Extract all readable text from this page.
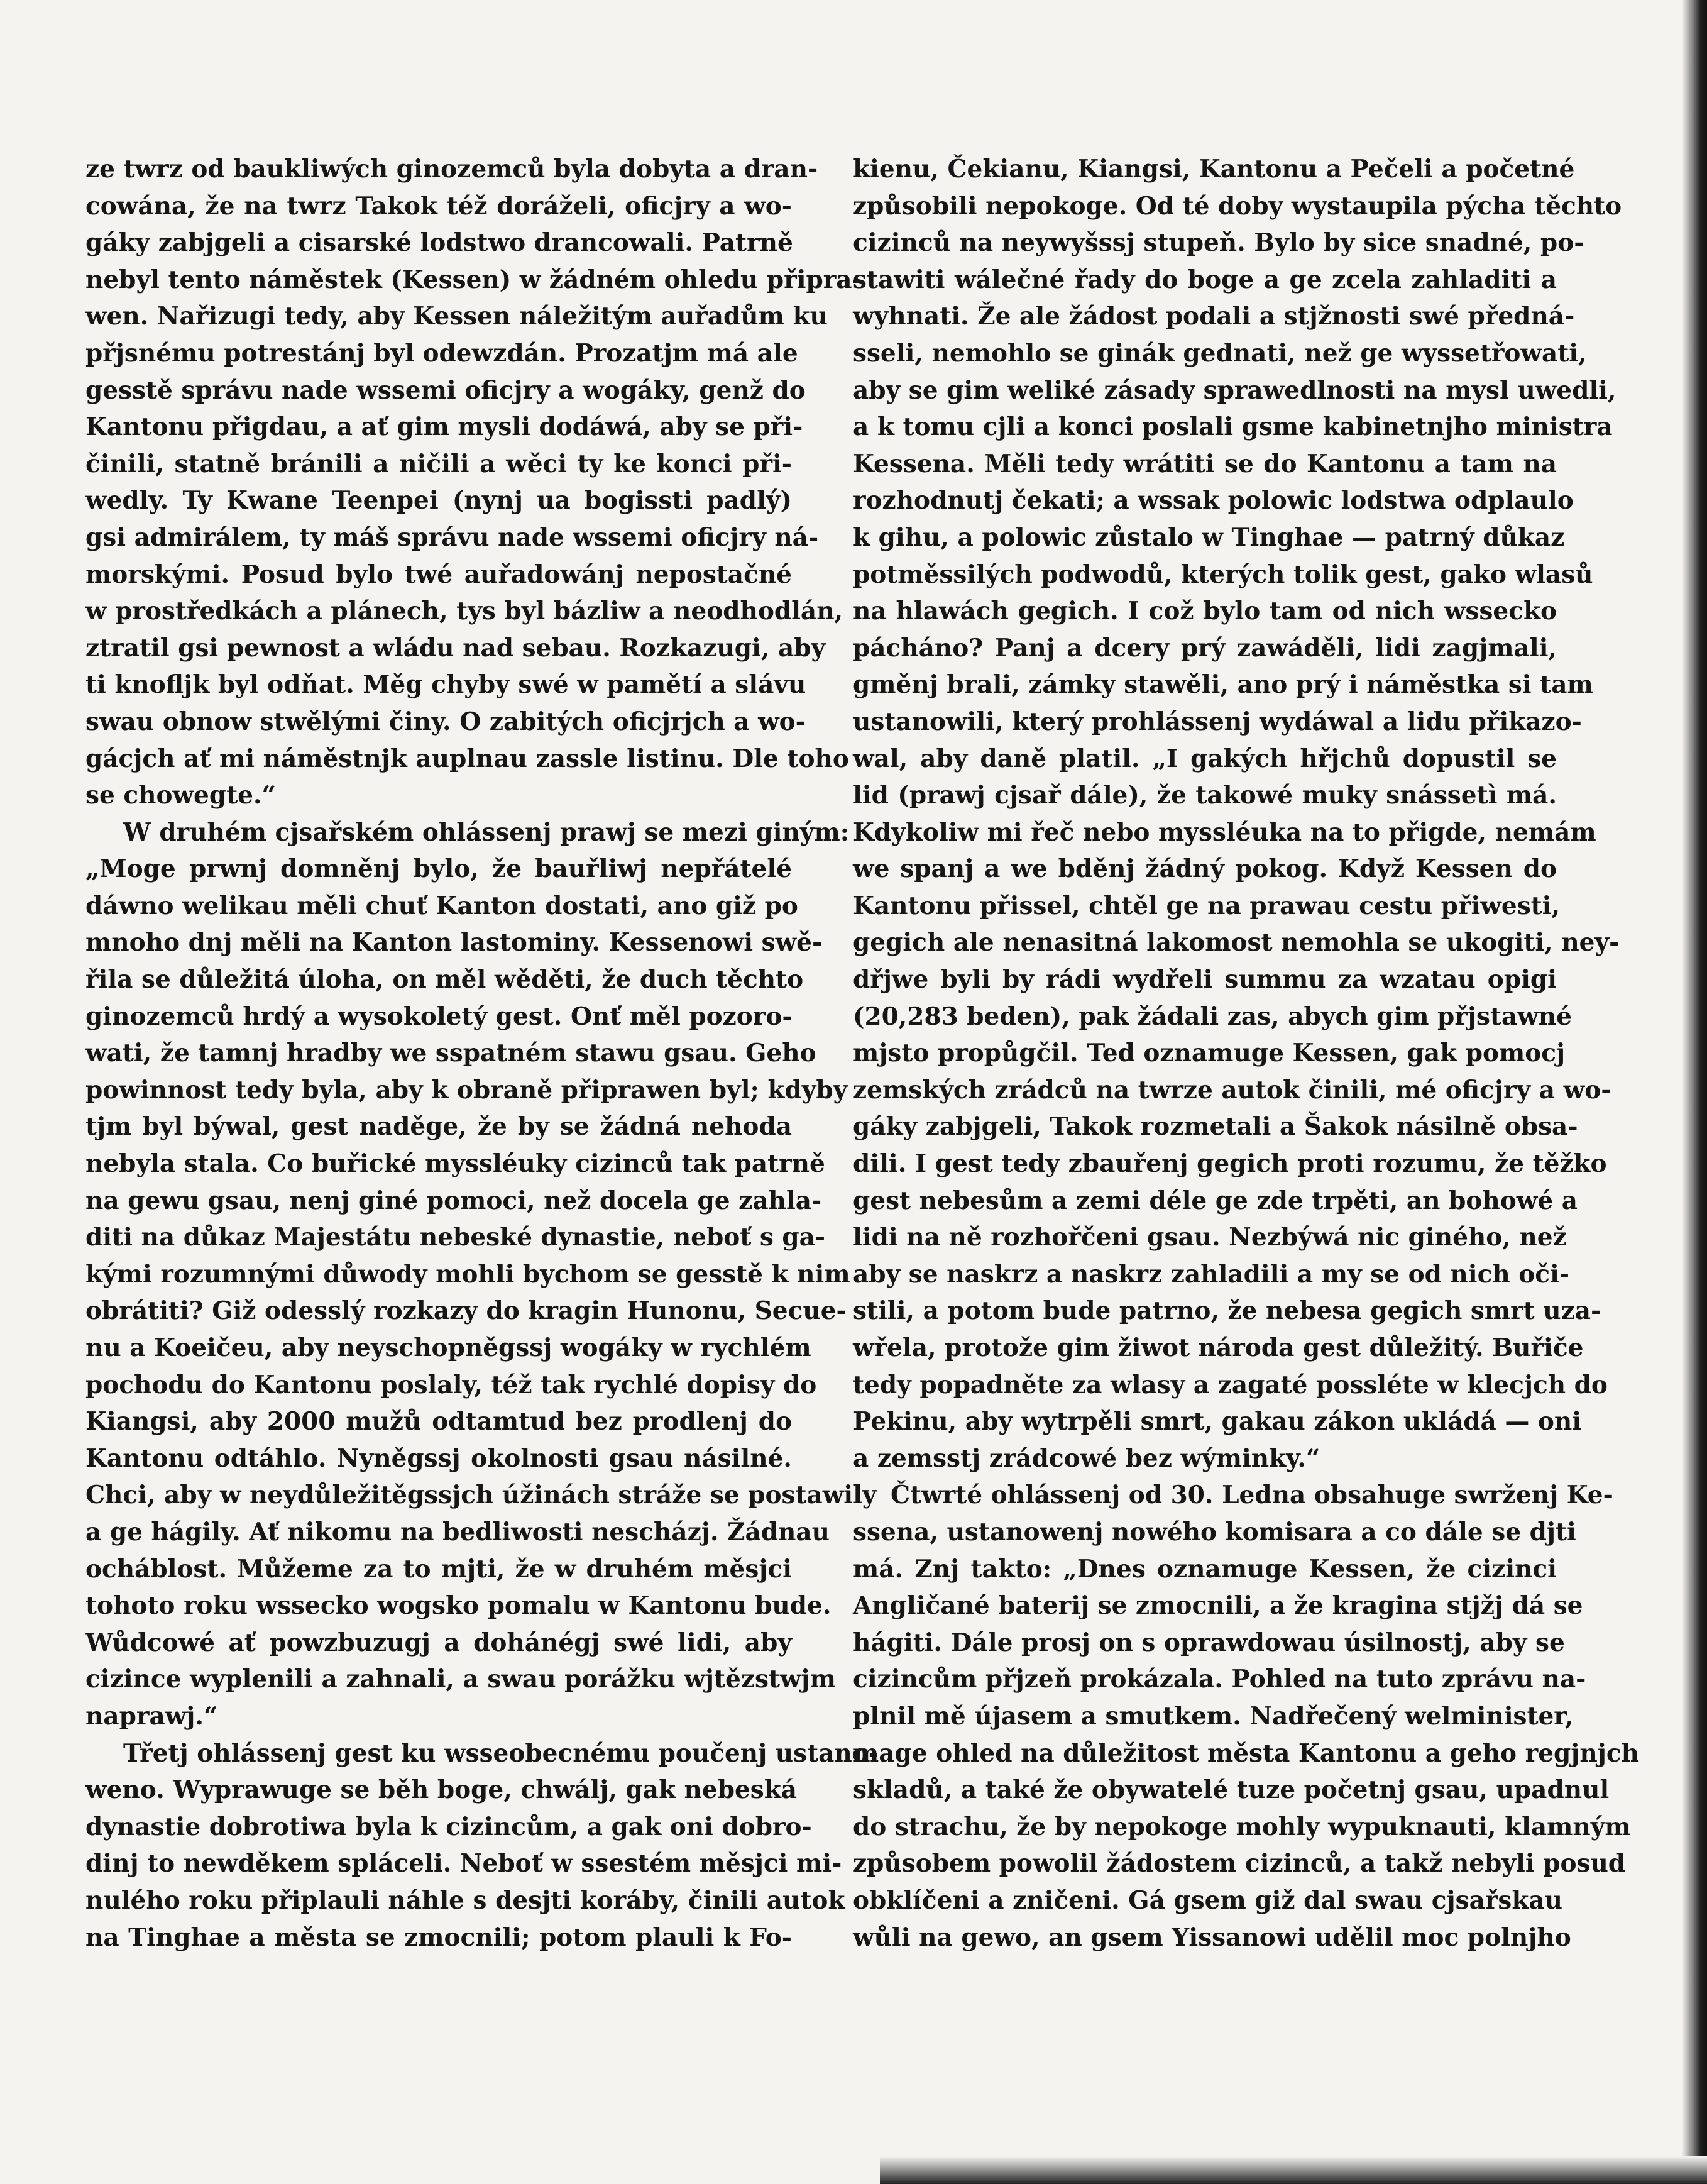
ze twrz od baukliwých ginozemců byla dobyta a dran-
cowána, že na twrz Takok též doráželi, oficjry a wo-
gáky zabjgeli a cisarské lodstwo drancowali. Patrně
nebyl tento náměstek (Kessen) w žádném ohledu připra-
wen. Nařizugi tedy, aby Kessen náležitým auřadům ku
přjsnému potrestánj byl odewzdán. Prozatjm má ale
gesstě správu nade wssemi oficjry a wogáky, genž do
Kantonu přigdau, a ať gim mysli dodáwá, aby se při-
činili, statně bránili a ničili a wěci ty ke konci při-
wedly. Ty Kwane Teenpei (nynj ua bogissti padlý)
gsi admirálem, ty máš správu nade wssemi oficjry ná-
morskými. Posud bylo twé auřadowánj nepostačné
w prostředkách a plánech, tys byl bázliw a neodhodlán,
ztratil gsi pewnost a wládu nad sebau. Rozkazugi, aby
ti knofljk byl odňat. Měg chyby swé w pamětí a slávu
swau obnow stwělými činy. O zabitých oficjrjch a wo-
gácjch ať mi náměstnjk auplnau zassle listinu. Dle toho
se chowegte.“
W druhém cjsařském ohlássenj prawj se mezi giným:
„Moge prwnj domněnj bylo, že bauřliwj nepřátelé
dáwno welikau měli chuť Kanton dostati, ano giž po
mnoho dnj měli na Kanton lastominy. Kessenowi swě-
řila se důležitá úloha, on měl wěděti, že duch těchto
ginozemců hrdý a wysokoletý gest. Onť měl pozoro-
wati, že tamnj hradby we sspatném stawu gsau. Geho
powinnost tedy byla, aby k obraně připrawen byl; kdyby
tjm byl býwal, gest naděge, že by se žádná nehoda
nebyla stala. Co buřické myssléuky cizinců tak patrně
na gewu gsau, nenj giné pomoci, než docela ge zahla-
diti na důkaz Majestátu nebeské dynastie, neboť s ga-
kými rozumnými důwody mohli bychom se gesstě k nim
obrátiti? Giž odesslý rozkazy do kragin Hunonu, Secue-
nu a Koeičeu, aby neyschopněgssj wogáky w rychlém
pochodu do Kantonu poslaly, též tak rychlé dopisy do
Kiangsi, aby 2000 mužů odtamtud bez prodlenj do
Kantonu odtáhlo. Nyněgssj okolnosti gsau násilné.
Chci, aby w neydůležitěgssjch úžinách stráže se postawily
a ge hágily. Ať nikomu na bedliwosti nescházj. Žádnau
ocháblost. Můžeme za to mjti, že w druhém měsjci
tohoto roku wssecko wogsko pomalu w Kantonu bude.
Wůdcowé ať powzbuzugj a dohánégj swé lidi, aby
cizince wyplenili a zahnali, a swau porážku wjtězstwjm
naprawj.“
Třetj ohlássenj gest ku wsseobecnému poučenj ustano-
weno. Wyprawuge se běh boge, chwálj, gak nebeská
dynastie dobrotiwa byla k cizincům, a gak oni dobro-
dinj to newděkem spláceli. Neboť w ssestém měsjci mi-
nulého roku připlauli náhle s desjti koráby, činili autok
na Tinghae a města se zmocnili; potom plauli k Fo-
kienu, Čekianu, Kiangsi, Kantonu a Pečeli a početné
způsobili nepokoge. Od té doby wystaupila pýcha těchto
cizinců na neywyšssj stupeň. Bylo by sice snadné, po-
stawiti wálečné řady do boge a ge zcela zahladiti a
wyhnati. Že ale žádost podali a stjžnosti swé předná-
sseli, nemohlo se ginák gednati, než ge wyssetřowati,
aby se gim weliké zásady sprawedlnosti na mysl uwedli,
a k tomu cjli a konci poslali gsme kabinetnjho ministra
Kessena. Měli tedy wrátiti se do Kantonu a tam na
rozhodnutj čekati; a wssak polowic lodstwa odplaulo
k gihu, a polowic zůstalo w Tinghae — patrný důkaz
potměssilých podwodů, kterých tolik gest, gako wlasů
na hlawách gegich. I což bylo tam od nich wssecko
pácháno? Panj a dcery prý zawáděli, lidi zagjmali,
gměnj brali, zámky stawěli, ano prý i náměstka si tam
ustanowili, který prohlássenj wydáwal a lidu přikazo-
wal, aby daně platil. „I gakých hřjchů dopustil se
lid (prawj cjsař dále), že takowé muky snássetì má.
Kdykoliw mi řeč nebo myssléuka na to přigde, nemám
we spanj a we bděnj žádný pokog. Když Kessen do
Kantonu přissel, chtěl ge na prawau cestu přiwesti,
gegich ale nenasitná lakomost nemohla se ukogiti, ney-
dřjwe byli by rádi wydřeli summu za wzatau opigi
(20,283 beden), pak žádali zas, abych gim přjstawné
mjsto propůgčil. Ted oznamuge Kessen, gak pomocj
zemských zrádců na twrze autok činili, mé oficjry a wo-
gáky zabjgeli, Takok rozmetali a Šakok násilně obsa-
dili. I gest tedy zbauřenj gegich proti rozumu, že těžko
gest nebesům a zemi déle ge zde trpěti, an bohowé a
lidi na ně rozhořčeni gsau. Nezbýwá nic giného, než
aby se naskrz a naskrz zahladili a my se od nich oči-
stili, a potom bude patrno, že nebesa gegich smrt uza-
wřela, protože gim žiwot národa gest důležitý. Buřiče
tedy popadněte za wlasy a zagaté possléte w klecjch do
Pekinu, aby wytrpěli smrt, gakau zákon ukládá — oni
a zemsstj zrádcowé bez wýminky.“
Čtwrté ohlássenj od 30. Ledna obsahuge swrženj Ke-
ssena, ustanowenj nowého komisara a co dále se djti
má. Znj takto: „Dnes oznamuge Kessen, že cizinci
Angličané baterij se zmocnili, a že kragina stjžj dá se
hágiti. Dále prosj on s oprawdowau úsilnostj, aby se
cizincům přjzeň prokázala. Pohled na tuto zprávu na-
plnil mě újasem a smutkem. Nadřečený welminister,
mage ohled na důležitost města Kantonu a geho regjnjch
skladů, a také že obywatelé tuze početnj gsau, upadnul
do strachu, že by nepokoge mohly wypuknauti, klamným
způsobem powolil žádostem cizinců, a takž nebyli posud
obklíčeni a zničeni. Gá gsem giž dal swau cjsařskau
wůli na gewo, an gsem Yissanowi udělil moc polnjho
